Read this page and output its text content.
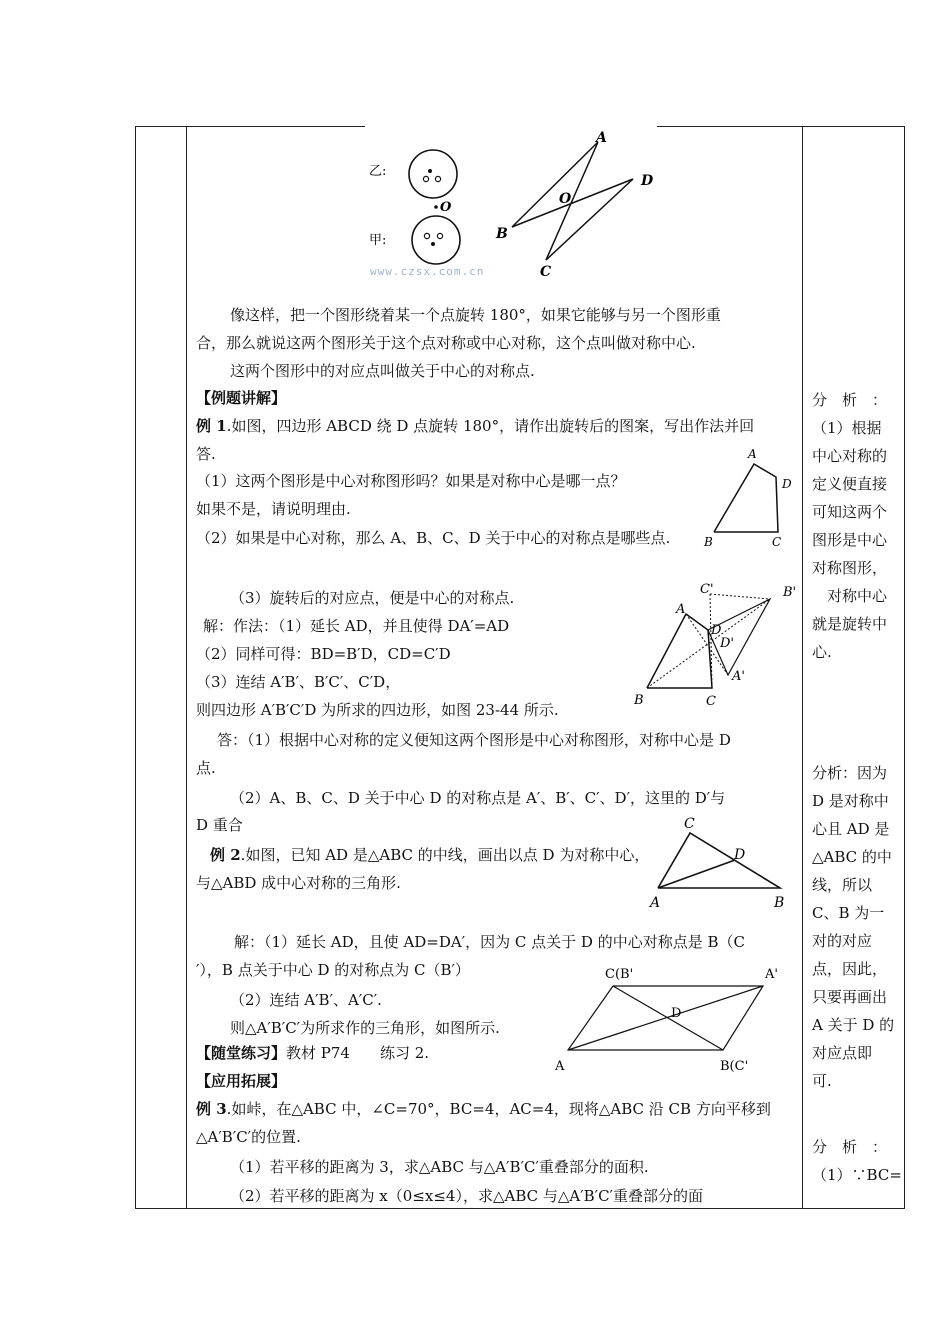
乙:
O
甲:
A
B
C
D
O
www.czsx.com.cn
像这样，把一个图形绕着某一个点旋转 180°，如果它能够与另一个图形重
合，那么就说这两个图形关于这个点对称或中心对称，这个点叫做对称中心.
这两个图形中的对应点叫做关于中心的对称点.
【例题讲解】
例 1.如图，四边形 ABCD 绕 D 点旋转 180°，请作出旋转后的图案，写出作法并回
答.
（1）这两个图形是中心对称图形吗？如果是对称中心是哪一点？
如果不是，请说明理由.
（2）如果是中心对称，那么 A、B、C、D 关于中心的对称点是哪些点.
A
D
B	C
（3）旋转后的对应点，便是中心的对称点.
解：作法：（1）延长 AD，并且使得 DA′=AD
（2）同样可得：BD=B′D，CD=C′D
（3）连结 A′B′、B′C′、C′D，
则四边形 A′B′C′D 为所求的四边形，如图 23-44 所示.
A
B	C
D
D'
A'
B'
C'
答：（1）根据中心对称的定义便知这两个图形是中心对称图形，对称中心是 D
点.
（2）A、B、C、D 关于中心 D 的对称点是 A′、B′、C′、D′，这里的 D′与
D 重合
例 2.如图，已知 AD 是△ABC 的中线，画出以点 D 为对称中心，
与△ABD 成中心对称的三角形.
C
D
A	B
解：（1）延长 AD，且使 AD=DA′，因为 C 点关于 D 的中心对称点是 B（C
′），B 点关于中心 D 的对称点为 C（B′）
（2）连结 A′B′、A′C′.
则△A′B′C′为所求作的三角形，如图所示.
C(B'	A'
D
A	B(C'
【随堂练习】教材 P74　　练习 2.
【应用拓展】
例 3.如峠，在△ABC 中，∠C=70°，BC=4，AC=4，现将△ABC 沿 CB 方向平移到
△A′B′C′的位置.
（1）若平移的距离为 3，求△ABC 与△A′B′C′重叠部分的面积.
（2）若平移的距离为 x（0≤x≤4），求△ABC 与△A′B′C′重叠部分的面
分　析　：
（1）根据
中心对称的
定义便直接
可知这两个
图形是中心
对称图形，
　对称中心
就是旋转中
心.
分析：因为
D 是对称中
心且 AD 是
△ABC 的中
线，所以
C、B 为一
对的对应
点，因此，
只要再画出
A 关于 D 的
对应点即
可.
分　析　：
（1）∵BC=
